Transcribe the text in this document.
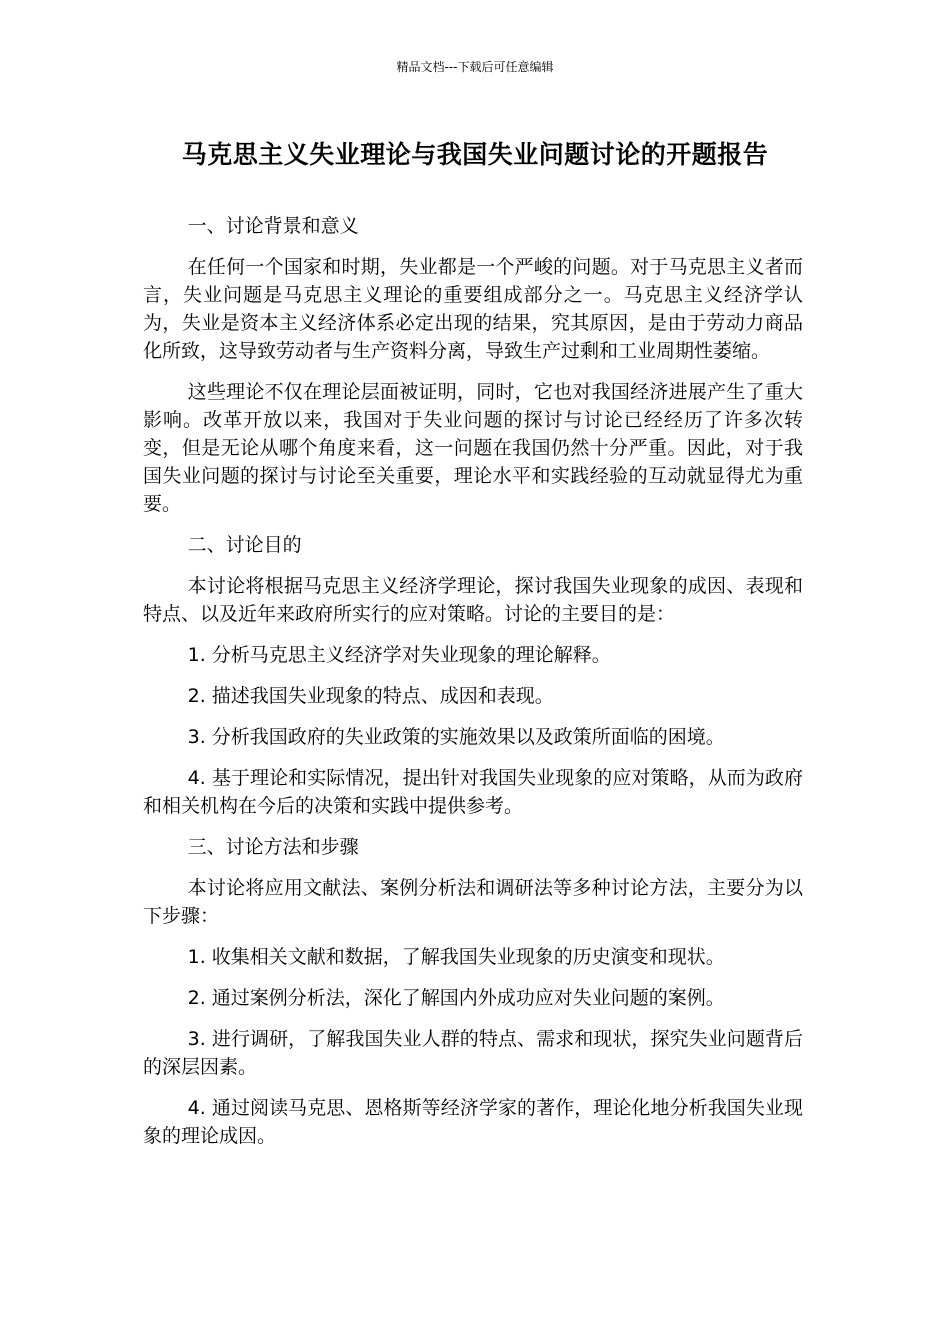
精品文档---下载后可任意编辑
马克思主义失业理论与我国失业问题讨论的开题报告

一、讨论背景和意义

在任何一个国家和时期，失业都是一个严峻的问题。对于马克思主义者而言，失业问题是马克思主义理论的重要组成部分之一。马克思主义经济学认为，失业是资本主义经济体系必定出现的结果，究其原因，是由于劳动力商品化所致，这导致劳动者与生产资料分离，导致生产过剩和工业周期性萎缩。

这些理论不仅在理论层面被证明，同时，它也对我国经济进展产生了重大影响。改革开放以来，我国对于失业问题的探讨与讨论已经经历了许多次转变，但是无论从哪个角度来看，这一问题在我国仍然十分严重。因此，对于我国失业问题的探讨与讨论至关重要，理论水平和实践经验的互动就显得尤为重要。

二、讨论目的

本讨论将根据马克思主义经济学理论，探讨我国失业现象的成因、表现和特点、以及近年来政府所实行的应对策略。讨论的主要目的是：

1. 分析马克思主义经济学对失业现象的理论解释。

2. 描述我国失业现象的特点、成因和表现。

3. 分析我国政府的失业政策的实施效果以及政策所面临的困境。

4. 基于理论和实际情况，提出针对我国失业现象的应对策略，从而为政府和相关机构在今后的决策和实践中提供参考。

三、讨论方法和步骤

本讨论将应用文献法、案例分析法和调研法等多种讨论方法，主要分为以下步骤：

1. 收集相关文献和数据，了解我国失业现象的历史演变和现状。

2. 通过案例分析法，深化了解国内外成功应对失业问题的案例。

3. 进行调研，了解我国失业人群的特点、需求和现状，探究失业问题背后的深层因素。

4. 通过阅读马克思、恩格斯等经济学家的著作，理论化地分析我国失业现象的理论成因。
